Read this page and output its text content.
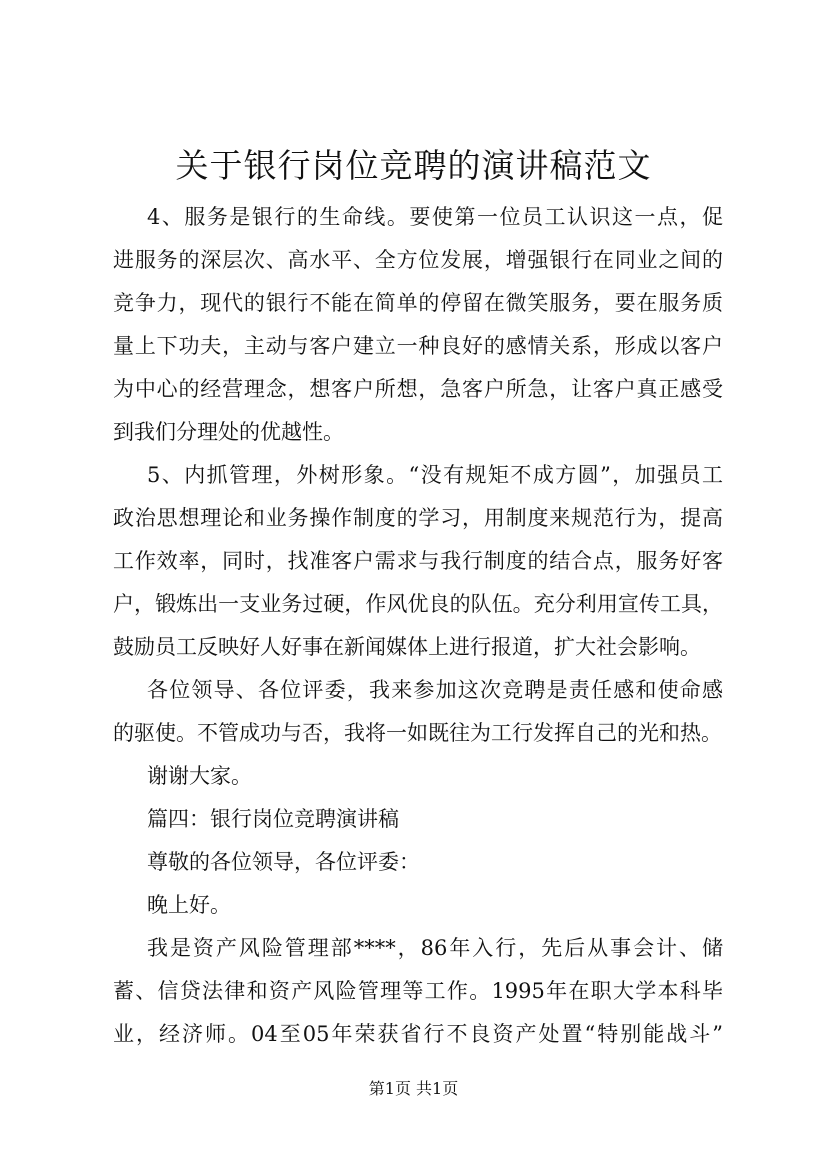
关于银行岗位竞聘的演讲稿范文
4、服务是银行的生命线。要使第一位员工认识这一点，促
进服务的深层次、高水平、全方位发展，增强银行在同业之间的
竞争力，现代的银行不能在简单的停留在微笑服务，要在服务质
量上下功夫，主动与客户建立一种良好的感情关系，形成以客户
为中心的经营理念，想客户所想，急客户所急，让客户真正感受
到我们分理处的优越性。
5、内抓管理，外树形象。“没有规矩不成方圆”，加强员工
政治思想理论和业务操作制度的学习，用制度来规范行为，提高
工作效率，同时，找准客户需求与我行制度的结合点，服务好客
户，锻炼出一支业务过硬，作风优良的队伍。充分利用宣传工具，
鼓励员工反映好人好事在新闻媒体上进行报道，扩大社会影响。
各位领导、各位评委，我来参加这次竞聘是责任感和使命感
的驱使。不管成功与否，我将一如既往为工行发挥自己的光和热。
谢谢大家。
篇四：银行岗位竞聘演讲稿
尊敬的各位领导，各位评委：
晚上好。
我是资产风险管理部****，86年入行，先后从事会计、储
蓄、信贷法律和资产风险管理等工作。1995年在职大学本科毕
业，经济师。04至05年荣获省行不良资产处置“特别能战斗”
第1页 共1页
